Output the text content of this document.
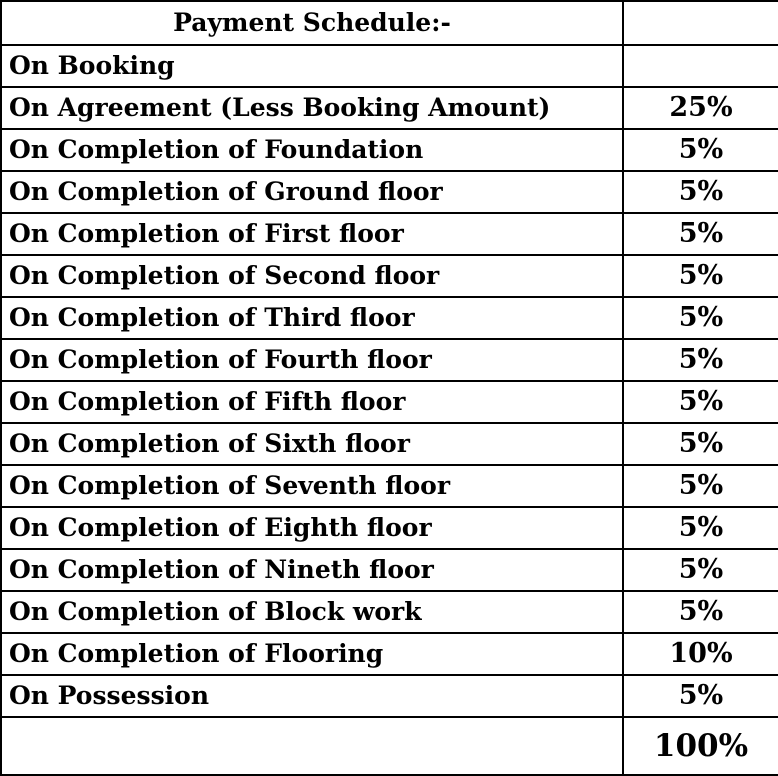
Payment Schedule:-	
On Booking	
On Agreement (Less Booking Amount)	25%
On Completion of Foundation	5%
On Completion of Ground floor	5%
On Completion of First floor	5%
On Completion of Second floor	5%
On Completion of Third floor	5%
On Completion of Fourth floor	5%
On Completion of Fifth floor	5%
On Completion of Sixth floor	5%
On Completion of Seventh floor	5%
On Completion of Eighth floor	5%
On Completion of Nineth floor	5%
On Completion of Block work	5%
On Completion of Flooring	10%
On Possession	5%
	100%
